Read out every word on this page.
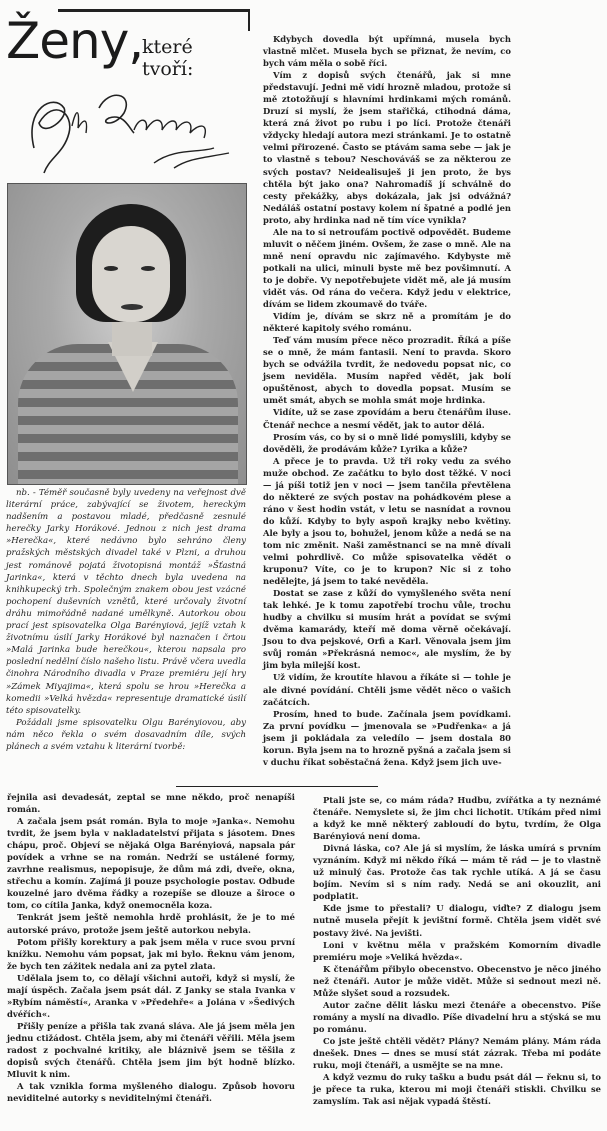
Ženy,
které tvoří:

nb. - Téměř současně byly uvedeny na veřejnost dvě literární práce, zabývající se životem, hereckým nadšením a postavou mladé, předčasně zesnulé herečky Jarky Horákové. Jednou z nich jest drama »Herečka«, které nedávno bylo sehráno členy pražských městských divadel také v Plzni, a druhou jest románově pojatá životopisná montáž »Šťastná Jarinka«, která v těchto dnech byla uvedena na knihkupecký trh. Společným znakem obou jest vzácné pochopení duševních vznětů, které určovaly životní dráhu mimořádně nadané umělkyně. Autorkou obou prací jest spisovatelka Olga Barényiová, jejíž vztah k životnímu úsilí Jarky Horákové byl naznačen i črtou »Malá Jarinka bude herečkou«, kterou napsala pro poslední nedělní číslo našeho listu. Právě včera uvedla činohra Národního divadla v Praze premiéru její hry »Zámek Miyajima«, která spolu se hrou »Herečka a komedii »Velká hvězda« representuje dramatické úsilí této spisovatelky.

Požádali jsme spisovatelku Olgu Barényiovou, aby nám něco řekla o svém dosavadním díle, svých plánech a svém vztahu k literární tvorbě:

Kdybych dovedla být upřímná, musela bych vlastně mlčet. Musela bych se přiznat, že nevím, co bych vám měla o sobě říci.

Vím z dopisů svých čtenářů, jak si mne představují. Jedni mě vidí hrozně mladou, protože si mě ztotožňují s hlavními hrdinkami mých románů. Druzí si myslí, že jsem stařičká, ctihodná dáma, která zná život po rubu i po líci. Protože čtenáři vždycky hledají autora mezi stránkami. Je to ostatně velmi přirozené. Často se ptávám sama sebe — jak je to vlastně s tebou? Neschováváš se za některou ze svých postav? Neidealisuješ ji jen proto, že bys chtěla být jako ona? Nahromadíš jí schválně do cesty překážky, abys dokázala, jak jsi odvážná? Nedáláš ostatní postavy kolem ní špatné a podlé jen proto, aby hrdinka nad ně tím více vynikla?

Ale na to si netroufám poctivě odpovědět. Budeme mluvit o něčem jiném. Ovšem, že zase o mně. Ale na mně není opravdu nic zajímavého. Kdybyste mě potkali na ulici, minuli byste mě bez povšimnutí. A to je dobře. Vy nepotřebujete vidět mě, ale já musím vidět vás. Od rána do večera. Když jedu v elektrice, dívám se lidem zkoumavě do tváře.

Vidím je, dívám se skrz ně a promítám je do některé kapitoly svého románu.

Teď vám musím přece něco prozradit. Říká a píše se o mně, že mám fantasii. Není to pravda. Skoro bych se odvážila tvrdit, že nedovedu popsat nic, co jsem neviděla. Musím napřed vědět, jak bolí opuštěnost, abych to dovedla popsat. Musím se umět smát, abych se mohla smát moje hrdinka.

Vidíte, už se zase zpovídám a beru čtenářům iluse. Čtenář nechce a nesmí vědět, jak to autor dělá.

Prosím vás, co by si o mně lidé pomyslili, kdyby se dověděli, že prodávám kůže? Lyrika a kůže?

A přece je to pravda. Už tři roky vedu za svého muže obchod. Ze začátku to bylo dost těžké. V noci — já píši totiž jen v noci — jsem tančila převtělena do některé ze svých postav na pohádkovém plese a ráno v šest hodin vstát, v letu se nasnídat a rovnou do kůží. Kdyby to byly aspoň krajky nebo květiny. Ale byly a jsou to, bohužel, jenom kůže a nedá se na tom nic změnit. Naši zaměstnanci se na mně dívali velmi pohrdlivě. Co může spisovatelka vědět o kruponu? Víte, co je to krupon? Nic si z toho nedělejte, já jsem to také nevěděla.

Dostat se zase z kůží do vymyšleného světa není tak lehké. Je k tomu zapotřebí trochu vůle, trochu hudby a chvilku si musím hrát a povídat se svými dvěma kamarády, kteří mě doma věrně očekávají. Jsou to dva pejskové, Orfi a Karl. Věnovala jsem jim svůj román »Překrásná nemoc«, ale myslím, že by jim byla milejší kost.

Už vidím, že kroutíte hlavou a říkáte si — tohle je ale divné povídání. Chtěli jsme vědět něco o vašich začátcích.

Prosím, hned to bude. Začínala jsem povídkami. Za první povídku — jmenovala se »Pudřenka« a já jsem ji pokládala za veledílo — jsem dostala 80 korun. Byla jsem na to hrozně pyšná a začala jsem si v duchu říkat soběstačná žena. Když jsem jich uve-

řejnila asi devadesát, zeptal se mne někdo, proč nenapíši román.

A začala jsem psát román. Byla to moje »Janka«. Nemohu tvrdit, že jsem byla v nakladatelství přijata s jásotem. Dnes chápu, proč. Objeví se nějaká Olga Barényiová, napsala pár povídek a vrhne se na román. Nedrží se ustálené formy, zavrhne realismus, nepopisuje, že dům má zdi, dveře, okna, střechu a komín. Zajímá ji pouze psychologie postav. Odbude kouzelné jaro dvěma řádky a rozepíše se dlouze a široce o tom, co cítila Janka, když onemocněla koza.

Tenkrát jsem ještě nemohla hrdě prohlásit, že je to mé autorské právo, protože jsem ještě autorkou nebyla.

Potom přišly korektury a pak jsem měla v ruce svou první knížku. Nemohu vám popsat, jak mi bylo. Řeknu vám jenom, že bych ten zážitek nedala ani za pytel zlata.

Udělala jsem to, co dělají všichni autoři, když si myslí, že mají úspěch. Začala jsem psát dál. Z Janky se stala Ivanka v »Rybím náměstí«, Aranka v »Předehře« a Jolána v »Šedivých dvéřích«.

Přišly peníze a přišla tak zvaná sláva. Ale já jsem měla jen jednu ctižádost. Chtěla jsem, aby mi čtenáři věřili. Měla jsem radost z pochvalné kritiky, ale bláznivě jsem se těšila z dopisů svých čtenářů. Chtěla jsem jim být hodně blízko. Mluvit k nim.

A tak vznikla forma myšleného dialogu. Způsob hovoru neviditelné autorky s neviditelnými čtenáři.

Ptali jste se, co mám ráda? Hudbu, zvířátka a ty neznámé čtenáře. Nemyslete si, že jim chci lichotit. Utíkám před nimi a když ke mně některý zabloudí do bytu, tvrdím, že Olga Barényiová není doma.

Divná láska, co? Ale já si myslím, že láska umírá s prvním vyznáním. Když mi někdo říká — mám tě rád — je to vlastně už minulý čas. Protože čas tak rychle utíká. A já se času bojím. Nevím si s ním rady. Nedá se ani okouzlit, ani podplatit.

Kde jsme to přestali? U dialogu, viďte? Z dialogu jsem nutně musela přejít k jevištní formě. Chtěla jsem vidět své postavy živé. Na jevišti.

Loni v květnu měla v pražském Komorním divadle premiéru moje »Veliká hvězda«.

K čtenářům přibylo obecenstvo. Obecenstvo je něco jiného než čtenáři. Autor je může vidět. Může si sednout mezi ně. Může slyšet soud a rozsudek.

Autor začne dělit lásku mezi čtenáře a obecenstvo. Píše romány a myslí na divadlo. Píše divadelní hru a stýská se mu po románu.

Co jste ještě chtěli vědět? Plány? Nemám plány. Mám ráda dnešek. Dnes — dnes se musí stát zázrak. Třeba mi podáte ruku, moji čtenáři, a usmějte se na mne.

A když vezmu do ruky tašku a budu psát dál — řeknu si, to je přece ta ruka, kterou mi moji čtenáři stiskli. Chvilku se zamyslím. Tak asi nějak vypadá štěstí.
